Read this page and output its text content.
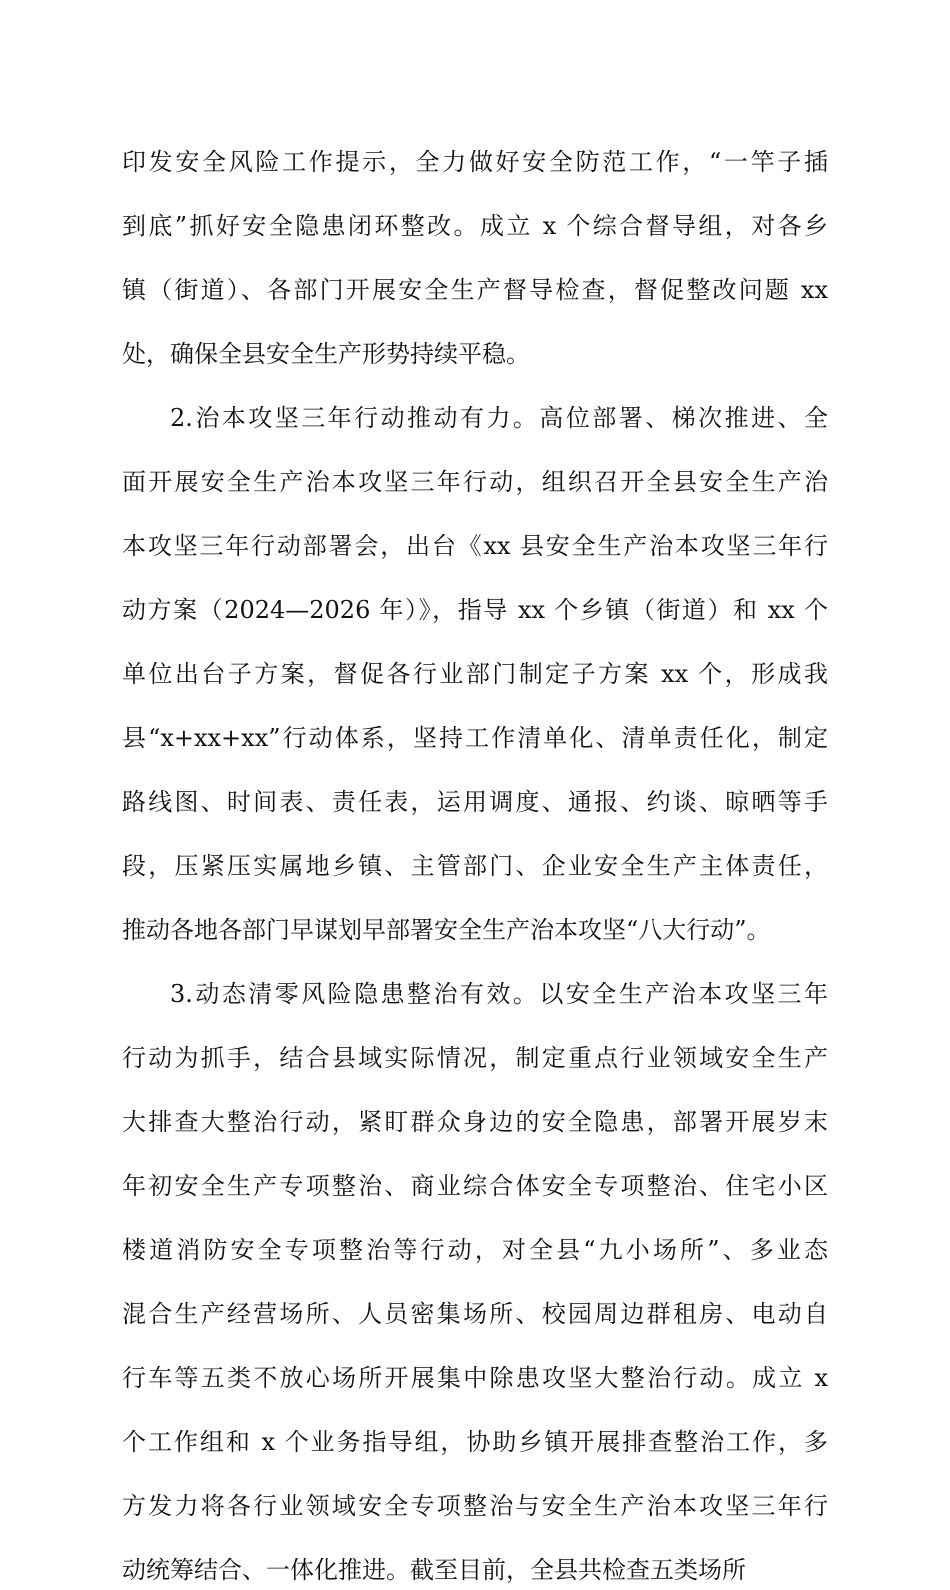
印发安全风险工作提示，全力做好安全防范工作，“一竿子插
到底”抓好安全隐患闭环整改。成立 x 个综合督导组，对各乡
镇（街道）、各部门开展安全生产督导检查，督促整改问题 xx
处，确保全县安全生产形势持续平稳。
2.治本攻坚三年行动推动有力。高位部署、梯次推进、全
面开展安全生产治本攻坚三年行动，组织召开全县安全生产治
本攻坚三年行动部署会，出台《xx 县安全生产治本攻坚三年行
动方案（2024—2026 年）》，指导 xx 个乡镇（街道）和 xx 个
单位出台子方案，督促各行业部门制定子方案 xx 个，形成我
县“x+xx+xx”行动体系，坚持工作清单化、清单责任化，制定
路线图、时间表、责任表，运用调度、通报、约谈、晾晒等手
段，压紧压实属地乡镇、主管部门、企业安全生产主体责任，
推动各地各部门早谋划早部署安全生产治本攻坚“八大行动”。
3.动态清零风险隐患整治有效。以安全生产治本攻坚三年
行动为抓手，结合县域实际情况，制定重点行业领域安全生产
大排查大整治行动，紧盯群众身边的安全隐患，部署开展岁末
年初安全生产专项整治、商业综合体安全专项整治、住宅小区
楼道消防安全专项整治等行动，对全县“九小场所”、多业态
混合生产经营场所、人员密集场所、校园周边群租房、电动自
行车等五类不放心场所开展集中除患攻坚大整治行动。成立 x
个工作组和 x 个业务指导组，协助乡镇开展排查整治工作，多
方发力将各行业领域安全专项整治与安全生产治本攻坚三年行
动统筹结合、一体化推进。截至目前，全县共检查五类场所
